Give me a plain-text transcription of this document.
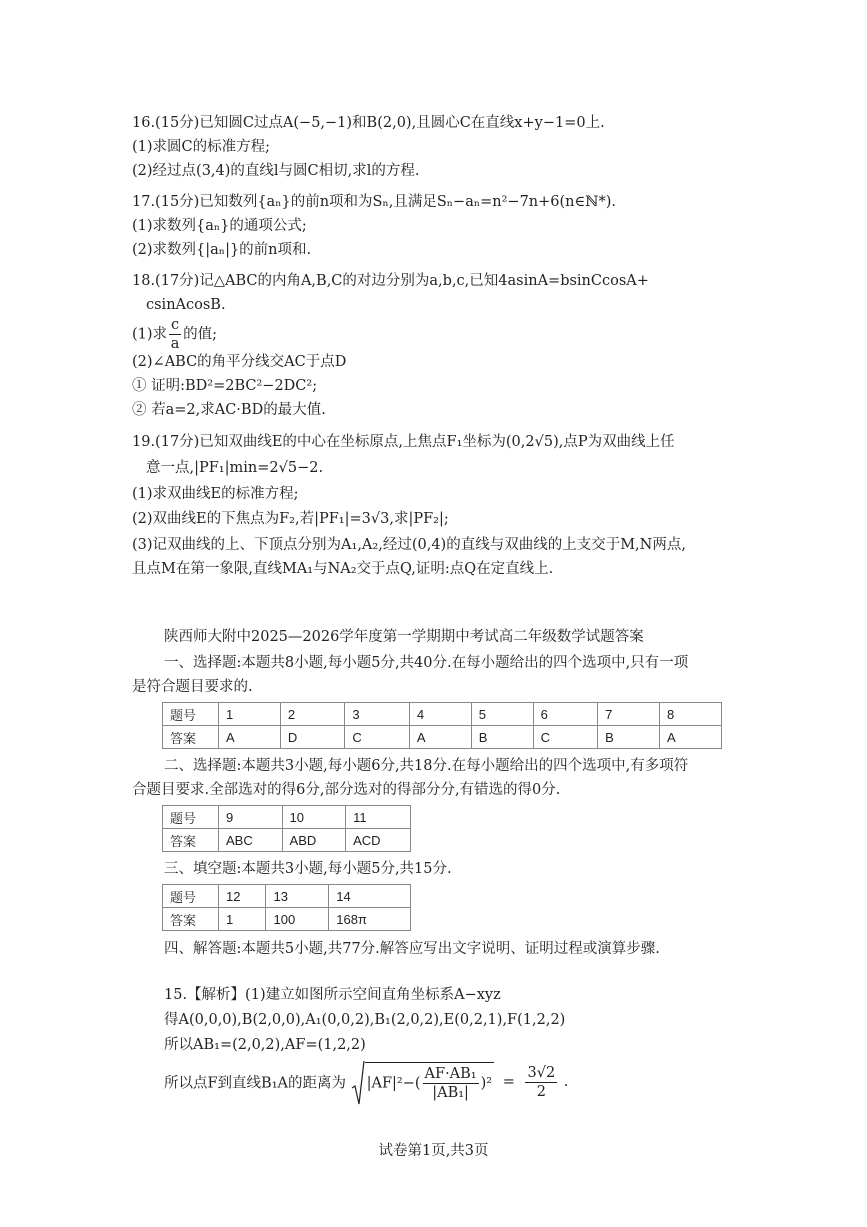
16.(15分)已知圆C过点A(−5,−1)和B(2,0),且圆心C在直线x+y−1=0上.
(1)求圆C的标准方程;
(2)经过点(3,4)的直线l与圆C相切,求l的方程.
17.(15分)已知数列{aₙ}的前n项和为Sₙ,且满足Sₙ−aₙ=n²−7n+6(n∈ℕ*).
(1)求数列{aₙ}的通项公式;
(2)求数列{|aₙ|}的前n项和.
18.(17分)记△ABC的内角A,B,C的对边分别为a,b,c,已知4asinA=bsinCcosA+
csinAcosB.
(1)求 $\frac{c}{a}$ 的值;
(2)∠ABC的角平分线交AC于点D
① 证明:BD²=2BC²−2DC²;
② 若a=2,求AC·BD的最大值.
19.(17分)已知双曲线E的中心在坐标原点,上焦点F₁坐标为(0,2√5),点P为双曲线上任
意一点,|PF₁|min=2√5−2.
(1)求双曲线E的标准方程;
(2)双曲线E的下焦点为F₂,若|PF₁|=3√3,求|PF₂|;
(3)记双曲线的上、下顶点分别为A₁,A₂,经过(0,4)的直线与双曲线的上支交于M,N两点,
且点M在第一象限,直线MA₁与NA₂交于点Q,证明:点Q在定直线上.
陕西师大附中2025—2026学年度第一学期期中考试高二年级数学试题答案
一、选择题:本题共8小题,每小题5分,共40分.在每小题给出的四个选项中,只有一项
是符合题目要求的.
题号	1	2	3	4	5	6	7	8
答案	A	D	C	A	B	C	B	A
二、选择题:本题共3小题,每小题6分,共18分.在每小题给出的四个选项中,有多项符
合题目要求.全部选对的得6分,部分选对的得部分分,有错选的得0分.
题号	9	10	11
答案	ABC	ABD	ACD
三、填空题:本题共3小题,每小题5分,共15分.
题号	12	13	14
答案	1	100	168π
四、解答题:本题共5小题,共77分.解答应写出文字说明、证明过程或演算步骤.
15.【解析】(1)建立如图所示空间直角坐标系A−xyz
得A(0,0,0),B(2,0,0),A₁(0,0,2),B₁(2,0,2),E(0,2,1),F(1,2,2)
所以AB₁=(2,0,2),AF=(1,2,2)
所以点F到直线B₁A的距离为 $|AF|^2-( \frac{\text{AF·AB₁}}{\text{|AB₁|}} )^2 = \frac{3√2}{2}$ .
试卷第1页,共3页
